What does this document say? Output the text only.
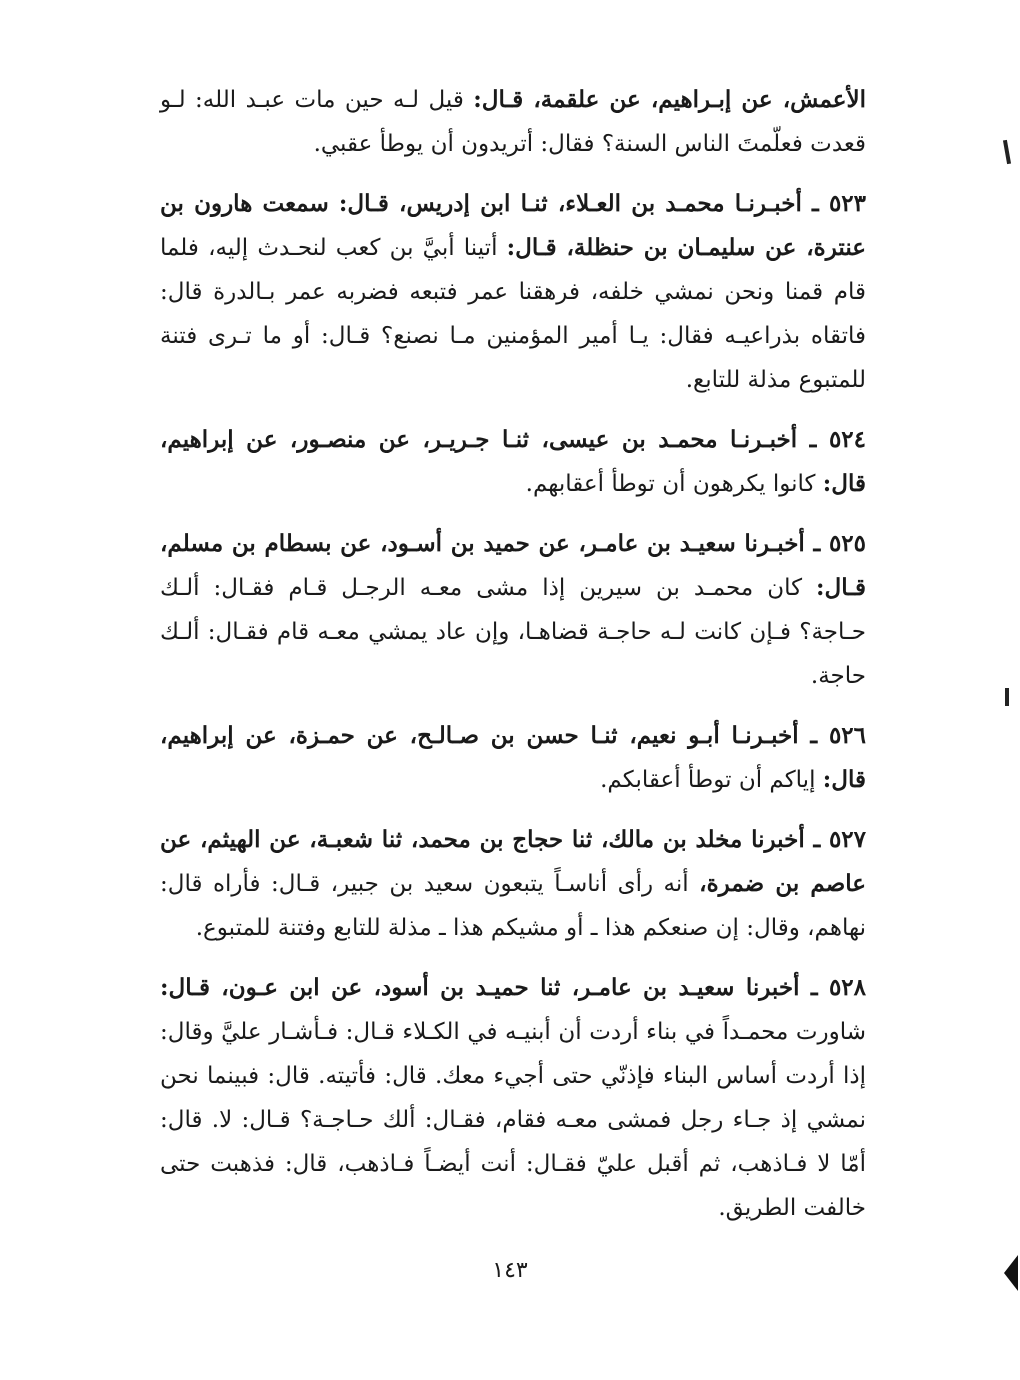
الأعمش، عن إبـراهيم، عن علقمة، قـال: قيل لـه حين مات عبـد الله: لـو قعدت فعلّمتَ الناس السنة؟ فقال: أتريدون أن يوطأ عقبي.

٥٢٣ ـ أخبـرنـا محمـد بن العـلاء، ثنـا ابن إدريس، قـال: سمعت هارون بن عنترة، عن سليمـان بن حنظلة، قـال: أتينا أبيَّ بن كعب لنحـدث إليه، فلما قام قمنا ونحن نمشي خلفه، فرهقنا عمر فتبعه فضربه عمر بـالدرة قال: فاتقاه بذراعيـه فقال: يـا أمير المؤمنين مـا نصنع؟ قـال: أو ما تـرى فتنة للمتبوع مذلة للتابع.

٥٢٤ ـ أخبـرنـا محمـد بن عيسى، ثنـا جـريـر، عن منصـور، عن إبراهيم، قال: كانوا يكرهون أن توطأ أعقابهم.

٥٢٥ ـ أخبـرنا سعيـد بن عامـر، عن حميد بن أسـود، عن بسطام بن مسلم، قـال: كان محمـد بن سيرين إذا مشى معـه الرجـل قـام فقـال: ألـك حـاجة؟ فـإن كانت لـه حاجـة قضاهـا، وإن عاد يمشي معـه قام فقـال: ألـك حاجة.

٥٢٦ ـ أخبـرنـا أبـو نعيم، ثنـا حسن بن صـالـح، عن حمـزة، عن إبراهيم، قال: إياكم أن توطأ أعقابكم.

٥٢٧ ـ أخبرنا مخلد بن مالك، ثنا حجاج بن محمد، ثنا شعبـة، عن الهيثم، عن عاصم بن ضمرة، أنه رأى أناسـاً يتبعون سعيد بن جبير، قـال: فأراه قال: نهاهم، وقال: إن صنعكم هذا ـ أو مشيكم هذا ـ مذلة للتابع وفتنة للمتبوع.

٥٢٨ ـ أخبرنا سعيـد بن عامـر، ثنا حميـد بن أسود، عن ابن عـون، قـال: شاورت محمـداً في بناء أردت أن أبنيـه في الكـلاء قـال: فـأشـار عليَّ وقال: إذا أردت أساس البناء فإذنّي حتى أجيء معك. قال: فأتيته. قال: فبينما نحن نمشي إذ جـاء رجل فمشى معـه فقام، فقـال: ألك حـاجـة؟ قـال: لا. قال: أمّا لا فـاذهب، ثم أقبل عليّ فقـال: أنت أيضـاً فـاذهب، قال: فذهبت حتى خالفت الطريق.

١٤٣
